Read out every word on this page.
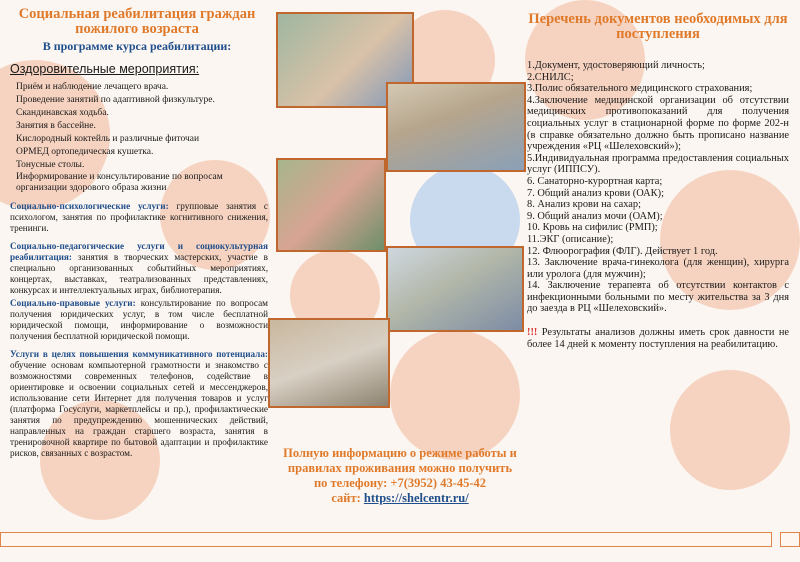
Социальная реабилитация граждан пожилого возраста
В программе курса реабилитации:
Оздоровительные мероприятия:
Приём и наблюдение лечащего врача.
Проведение занятий по адаптивной физкультуре.
Скандинавская ходьба.
Занятия в бассейне.
Кислородный коктейль и различные фиточаи
ОРМЕД ортопедическая кушетка.
Тонусные столы.
Информирование и консультирование по вопросам организации здорового образа жизни
Социально-психологические услуги: групповые занятия с психологом, занятия по профилактике когнитивного снижения, тренинги.
Социально-педагогические услуги и социокультурная реабилитация: занятия в творческих мастерских, участие в специально организованных событийных мероприятиях, концертах, выставках, театрализованных представлениях, конкурсах и интеллектуальных играх, библиотерапия.
Социально-правовые услуги: консультирование по вопросам получения юридических услуг, в том числе бесплатной юридической помощи, информирование о возможности получения бесплатной юридической помощи.
Услуги в целях повышения коммуникативного потенциала: обучение основам компьютерной грамотности и знакомство с возможностями современных телефонов, содействие в ориентировке и освоении социальных сетей и мессенджеров, использование сети Интернет для получения товаров и услуг (платформа Госуслуги, маркетплейсы и пр.), профилактические занятия по предупреждению мошеннических действий, направленных на граждан старшего возраста, занятия в тренировочной квартире по бытовой адаптации и профилактике рисков, связанных с возрастом.	Полную информацию о режиме работы и правилах проживания можно получить
по телефону: +7(3952) 43-45-42
сайт: https://shelcentr.ru/
Перечень документов необходимых для поступления
1.Документ, удостоверяющий личность;
2.СНИЛС;
3.Полис обязательного медицинского страхования;
4.Заключение медицинской организации об отсутствии медицинских противопоказаний для получения социальных услуг в стационарной форме по форме 202-н (в справке обязательно должно быть прописано название учреждения «РЦ «Шелеховский»);
5.Индивидуальная программа предоставления социальных услуг (ИППСУ).
6. Санаторно-курортная карта;
7. Общий анализ крови (ОАК);
8. Анализ крови на сахар;
9. Общий анализ мочи (ОАМ);
10. Кровь на сифилис (РМП);
11.ЭКГ (описание);
12. Флюорография (ФЛГ). Действует 1 год.
13. Заключение врача-гинеколога (для женщин), хирурга или уролога (для мужчин);
14. Заключение терапевта об отсутствии контактов с инфекционными больными по месту жительства за 3 дня до заезда в РЦ «Шелеховский».
!!! Результаты анализов должны иметь срок давности не более 14 дней к моменту поступления на реабилитацию.
